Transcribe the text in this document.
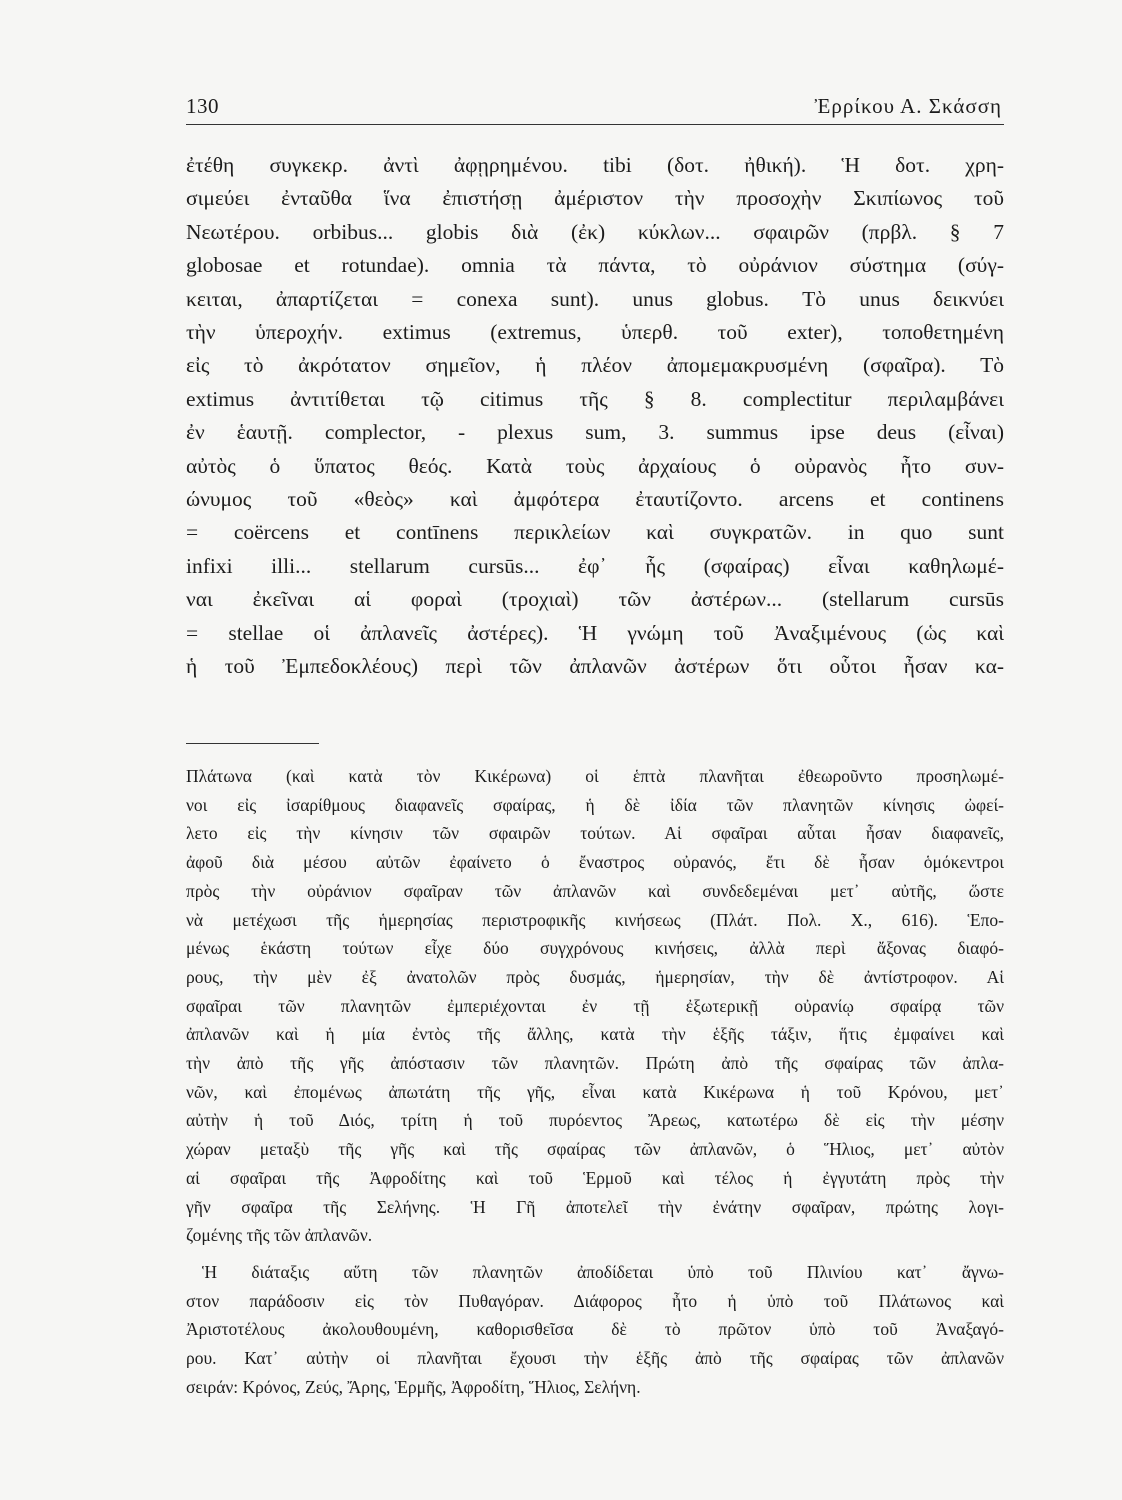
130	Ἐρρίκου Α. Σκάσση
ἐτέθη συγκεκρ. ἀντὶ ἀφῃρημένου. tibi (δοτ. ἠθική). Ἡ δοτ. χρη-
σιμεύει ἐνταῦθα ἵνα ἐπιστήσῃ ἀμέριστον τὴν προσοχὴν Σκιπίωνος τοῦ
Νεωτέρου. orbibus... globis διὰ (ἐκ) κύκλων... σφαιρῶν (πρβλ. § 7
globosae et rotundae). omnia τὰ πάντα, τὸ οὐράνιον σύστημα (σύγ-
κειται, ἀπαρτίζεται = conexa sunt). unus globus. Τὸ unus δεικνύει
τὴν ὑπεροχήν. extimus (extremus, ὑπερθ. τοῦ exter), τοποθετημένη
εἰς τὸ ἀκρότατον σημεῖον, ἡ πλέον ἀπομεμακρυσμένη (σφαῖρα). Τὸ
extimus ἀντιτίθεται τῷ citimus τῆς § 8. complectitur περιλαμβάνει
ἐν ἑαυτῇ. complector, - plexus sum, 3. summus ipse deus (εἶναι)
αὐτὸς ὁ ὕπατος θεός. Κατὰ τοὺς ἀρχαίους ὁ οὐρανὸς ἦτο συν-
ώνυμος τοῦ «θεὸς» καὶ ἀμφότερα ἐταυτίζοντο. arcens et continens
= coërcens et contīnens περικλείων καὶ συγκρατῶν. in quo sunt
infixi illi... stellarum cursūs... ἐφ᾽ ἧς (σφαίρας) εἶναι καθηλωμέ-
ναι ἐκεῖναι αἱ φοραὶ (τροχιαὶ) τῶν ἀστέρων... (stellarum cursūs
= stellae οἱ ἀπλανεῖς ἀστέρες). Ἡ γνώμη τοῦ Ἀναξιμένους (ὡς καὶ
ἡ τοῦ Ἐμπεδοκλέους) περὶ τῶν ἀπλανῶν ἀστέρων ὅτι οὗτοι ἦσαν κα-
Πλάτωνα (καὶ κατὰ τὸν Κικέρωνα) οἱ ἑπτὰ πλανῆται ἐθεωροῦντο προσηλωμέ-
νοι εἰς ἰσαρίθμους διαφανεῖς σφαίρας, ἡ δὲ ἰδία τῶν πλανητῶν κίνησις ὠφεί-
λετο εἰς τὴν κίνησιν τῶν σφαιρῶν τούτων. Αἱ σφαῖραι αὗται ἦσαν διαφανεῖς,
ἀφοῦ διὰ μέσου αὐτῶν ἐφαίνετο ὁ ἔναστρος οὐρανός, ἔτι δὲ ἦσαν ὁμόκεντροι
πρὸς τὴν οὐράνιον σφαῖραν τῶν ἀπλανῶν καὶ συνδεδεμέναι μετ᾽ αὐτῆς, ὥστε
νὰ μετέχωσι τῆς ἡμερησίας περιστροφικῆς κινήσεως (Πλάτ. Πολ. Χ., 616). Ἑπο-
μένως ἑκάστη τούτων εἶχε δύο συγχρόνους κινήσεις, ἀλλὰ περὶ ἄξονας διαφό-
ρους, τὴν μὲν ἐξ ἀνατολῶν πρὸς δυσμάς, ἡμερησίαν, τὴν δὲ ἀντίστροφον. Αἱ
σφαῖραι τῶν πλανητῶν ἐμπεριέχονται ἐν τῇ ἐξωτερικῇ οὐρανίῳ σφαίρᾳ τῶν
ἀπλανῶν καὶ ἡ μία ἐντὸς τῆς ἄλλης, κατὰ τὴν ἑξῆς τάξιν, ἥτις ἐμφαίνει καὶ
τὴν ἀπὸ τῆς γῆς ἀπόστασιν τῶν πλανητῶν. Πρώτη ἀπὸ τῆς σφαίρας τῶν ἀπλα-
νῶν, καὶ ἐπομένως ἀπωτάτη τῆς γῆς, εἶναι κατὰ Κικέρωνα ἡ τοῦ Κρόνου, μετ᾽
αὐτὴν ἡ τοῦ Διός, τρίτη ἡ τοῦ πυρόεντος Ἄρεως, κατωτέρω δὲ εἰς τὴν μέσην
χώραν μεταξὺ τῆς γῆς καὶ τῆς σφαίρας τῶν ἀπλανῶν, ὁ Ἥλιος, μετ᾽ αὐτὸν
αἱ σφαῖραι τῆς Ἀφροδίτης καὶ τοῦ Ἑρμοῦ καὶ τέλος ἡ ἐγγυτάτη πρὸς τὴν
γῆν σφαῖρα τῆς Σελήνης. Ἡ Γῆ ἀποτελεῖ τὴν ἐνάτην σφαῖραν, πρώτης λογι-
ζομένης τῆς τῶν ἀπλανῶν.
Ἡ διάταξις αὕτη τῶν πλανητῶν ἀποδίδεται ὑπὸ τοῦ Πλινίου κατ᾽ ἄγνω-
στον παράδοσιν εἰς τὸν Πυθαγόραν. Διάφορος ἦτο ἡ ὑπὸ τοῦ Πλάτωνος καὶ
Ἀριστοτέλους ἀκολουθουμένη, καθορισθεῖσα δὲ τὸ πρῶτον ὑπὸ τοῦ Ἀναξαγό-
ρου. Κατ᾽ αὐτὴν οἱ πλανῆται ἔχουσι τὴν ἑξῆς ἀπὸ τῆς σφαίρας τῶν ἀπλανῶν
σειράν: Κρόνος, Ζεύς, Ἄρης, Ἑρμῆς, Ἀφροδίτη, Ἥλιος, Σελήνη.
